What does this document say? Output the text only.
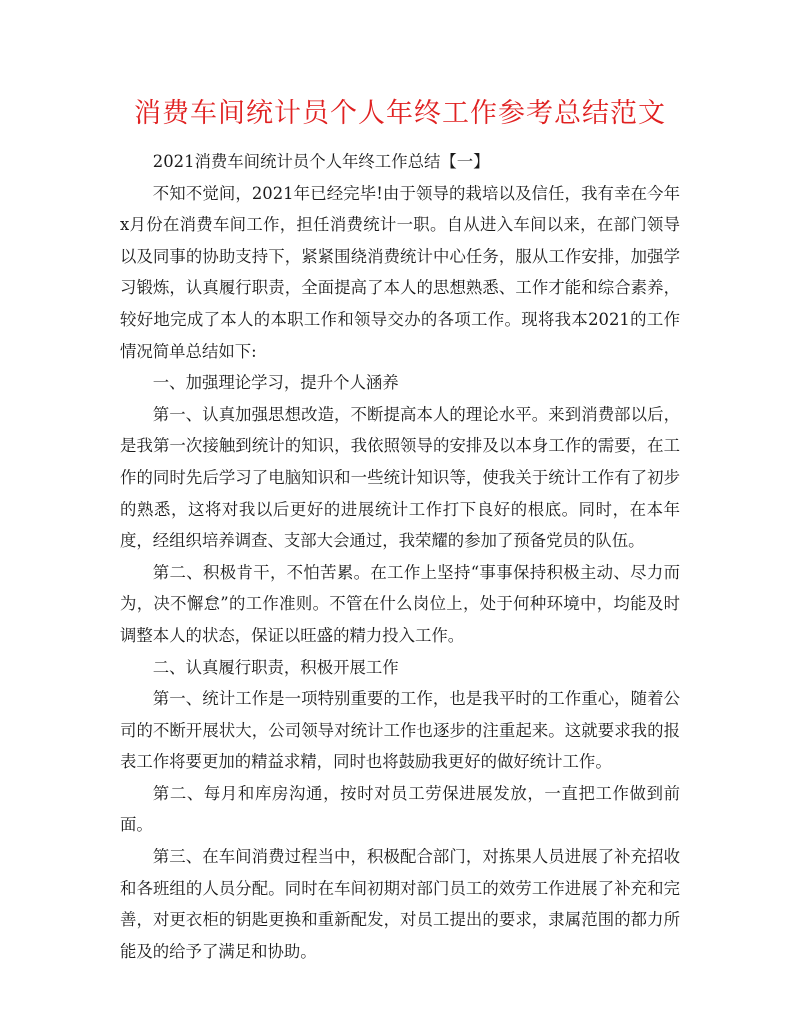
消费车间统计员个人年终工作参考总结范文

2021消费车间统计员个人年终工作总结【一】

不知不觉间，2021年已经完毕!由于领导的栽培以及信任，我有幸在今年x月份在消费车间工作，担任消费统计一职。自从进入车间以来，在部门领导以及同事的协助支持下，紧紧围绕消费统计中心任务，服从工作安排，加强学习锻炼，认真履行职责，全面提高了本人的思想熟悉、工作才能和综合素养，较好地完成了本人的本职工作和领导交办的各项工作。现将我本2021的工作情况简单总结如下:

一、加强理论学习，提升个人涵养

第一、认真加强思想改造，不断提高本人的理论水平。来到消费部以后，是我第一次接触到统计的知识，我依照领导的安排及以本身工作的需要，在工作的同时先后学习了电脑知识和一些统计知识等，使我关于统计工作有了初步的熟悉，这将对我以后更好的进展统计工作打下良好的根底。同时，在本年度，经组织培养调查、支部大会通过，我荣耀的参加了预备党员的队伍。

第二、积极肯干，不怕苦累。在工作上坚持“事事保持积极主动、尽力而为，决不懈怠”的工作准则。不管在什么岗位上，处于何种环境中，均能及时调整本人的状态，保证以旺盛的精力投入工作。

二、认真履行职责，积极开展工作

第一、统计工作是一项特别重要的工作，也是我平时的工作重心，随着公司的不断开展状大，公司领导对统计工作也逐步的注重起来。这就要求我的报表工作将要更加的精益求精，同时也将鼓励我更好的做好统计工作。

第二、每月和库房沟通，按时对员工劳保进展发放，一直把工作做到前面。

第三、在车间消费过程当中，积极配合部门，对拣果人员进展了补充招收和各班组的人员分配。同时在车间初期对部门员工的效劳工作进展了补充和完善，对更衣柜的钥匙更换和重新配发，对员工提出的要求，隶属范围的都力所能及的给予了满足和协助。
